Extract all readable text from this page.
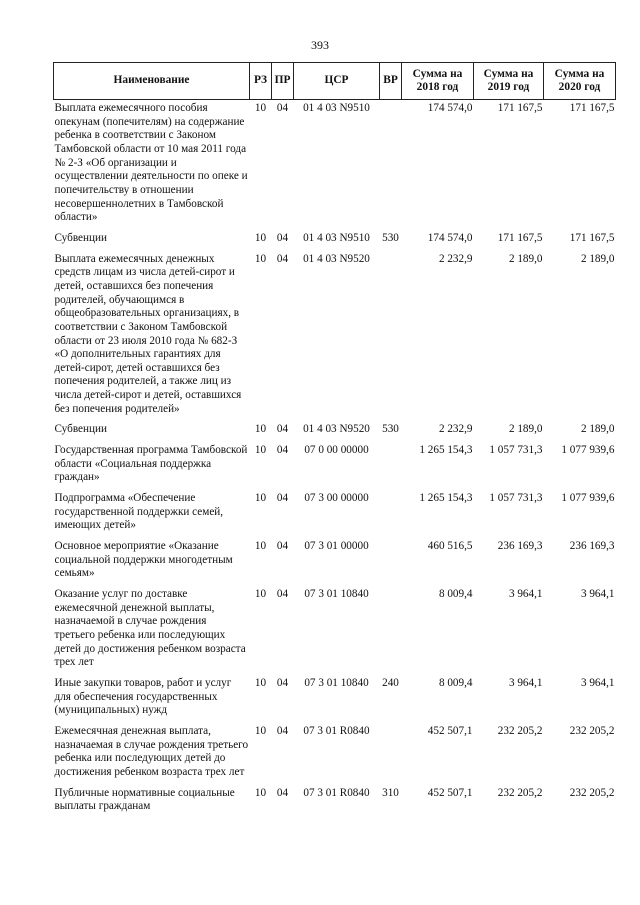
393
Наименование	РЗ	ПР	ЦСР	ВР	Сумма на 2018 год	Сумма на 2019 год	Сумма на 2020 год
Выплата ежемесячного пособия опекунам (попечителям) на содержание ребенка в соответствии с Законом Тамбовской области от 10 мая 2011 года № 2-З «Об организации и осуществлении деятельности по опеке и попечительству в отношении несовершеннолетних в Тамбовской области»	10	04	01 4 03 N9510		174 574,0	171 167,5	171 167,5
Субвенции	10	04	01 4 03 N9510	530	174 574,0	171 167,5	171 167,5
Выплата ежемесячных денежных средств лицам из числа детей-сирот и детей, оставшихся без попечения родителей, обучающимся в общеобразовательных организациях, в соответствии с Законом Тамбовской области от 23 июля 2010 года № 682-З «О дополнительных гарантиях для детей-сирот, детей оставшихся без попечения родителей, а также лиц из числа детей-сирот и детей, оставшихся без попечения родителей»	10	04	01 4 03 N9520		2 232,9	2 189,0	2 189,0
Субвенции	10	04	01 4 03 N9520	530	2 232,9	2 189,0	2 189,0
Государственная программа Тамбовской области «Социальная поддержка граждан»	10	04	07 0 00 00000		1 265 154,3	1 057 731,3	1 077 939,6
Подпрограмма «Обеспечение государственной поддержки семей, имеющих детей»	10	04	07 3 00 00000		1 265 154,3	1 057 731,3	1 077 939,6
Основное мероприятие «Оказание социальной поддержки многодетным семьям»	10	04	07 3 01 00000		460 516,5	236 169,3	236 169,3
Оказание услуг по доставке ежемесячной денежной выплаты, назначаемой в случае рождения третьего ребенка или последующих детей до достижения ребенком возраста трех лет	10	04	07 3 01 10840		8 009,4	3 964,1	3 964,1
Иные закупки товаров, работ и услуг для обеспечения государственных (муниципальных) нужд	10	04	07 3 01 10840	240	8 009,4	3 964,1	3 964,1
Ежемесячная денежная выплата, назначаемая в случае рождения третьего ребенка или последующих детей до достижения ребенком возраста трех лет	10	04	07 3 01 R0840		452 507,1	232 205,2	232 205,2
Публичные нормативные социальные выплаты гражданам	10	04	07 3 01 R0840	310	452 507,1	232 205,2	232 205,2
